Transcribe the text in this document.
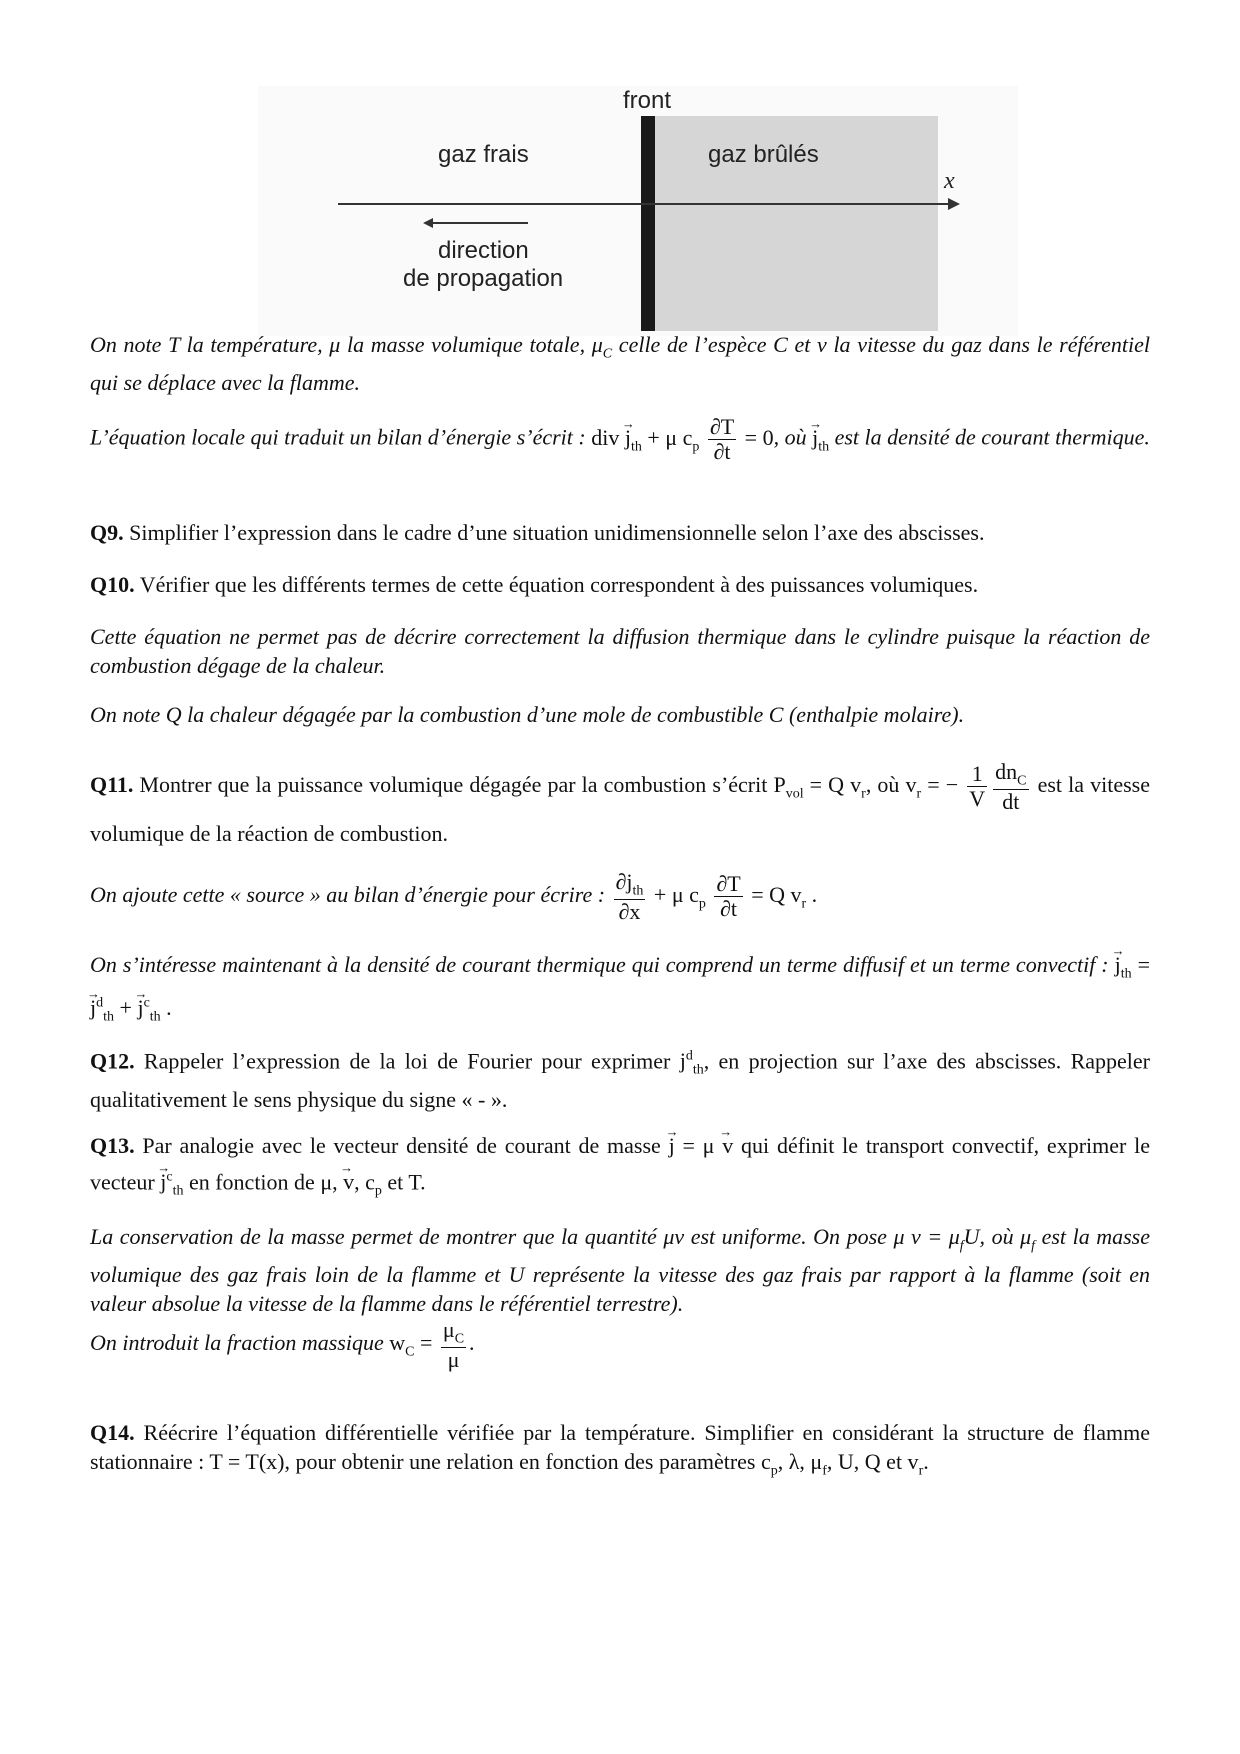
front
gaz frais	gaz brûlés
x
direction
de propagation

On note T la température, μ la masse volumique totale, $\mu_C$ celle de l’espèce C et v la vitesse du gaz dans le référentiel qui se déplace avec la flamme.

L’équation locale qui traduit un bilan d’énergie s’écrit : div → $j_{th} + \mu$ $c_p \frac{\partial T}{\partial t} = 0$, où → $j_{th}$ est la densité de courant thermique.

Q9. Simplifier l’expression dans le cadre d’une situation unidimensionnelle selon l’axe des abscisses.

Q10. Vérifier que les différents termes de cette équation correspondent à des puissances volumiques.

Cette équation ne permet pas de décrire correctement la diffusion thermique dans le cylindre puisque la réaction de combustion dégage de la chaleur.

On note Q la chaleur dégagée par la combustion d’une mole de combustible C (enthalpie molaire).

Q11. Montrer que la puissance volumique dégagée par la combustion s’écrit $P_{vol} = Q$ $v_r$, où $v_r$ = − $\frac{1}{V} \frac{dn_C}{dt}$ est la vitesse volumique de la réaction de combustion.

On ajoute cette « source » au bilan d’énergie pour écrire : $\frac{\partial j_{th}}{\partial x} + \mu$ $c_p \frac{\partial T}{\partial t} = Q$ $v_r$ .

On s’intéresse maintenant à la densité de courant thermique qui comprend un terme diffusif et un terme convectif : → $j_{th}$ = → $j^d_{th}$ + → $j^c_{th}$ .

Q12. Rappeler l’expression de la loi de Fourier pour exprimer $j^d_{th}$, en projection sur l’axe des abscisses. Rappeler qualitativement le sens physique du signe « - ».

Q13. Par analogie avec le vecteur densité de courant de masse → j = μ → v qui définit le transport convectif, exprimer le vecteur → $j^c_{th}$ en fonction de μ, → v, $c_p$ et T.

La conservation de la masse permet de montrer que la quantité μv est uniforme. On pose μ $v = \mu_fU$, où $\mu_f$ est la masse volumique des gaz frais loin de la flamme et U représente la vitesse des gaz frais par rapport à la flamme (soit en valeur absolue la vitesse de la flamme dans le référentiel terrestre).

On introduit la fraction massique $w_C = \frac{\mu_C}{\mu}$ .

Q14. Réécrire l’équation différentielle vérifiée par la température. Simplifier en considérant la structure de flamme stationnaire : T = T(x), pour obtenir une relation en fonction des paramètres $c_p$, λ, $\mu_f$, U, Q et $v_r$.
